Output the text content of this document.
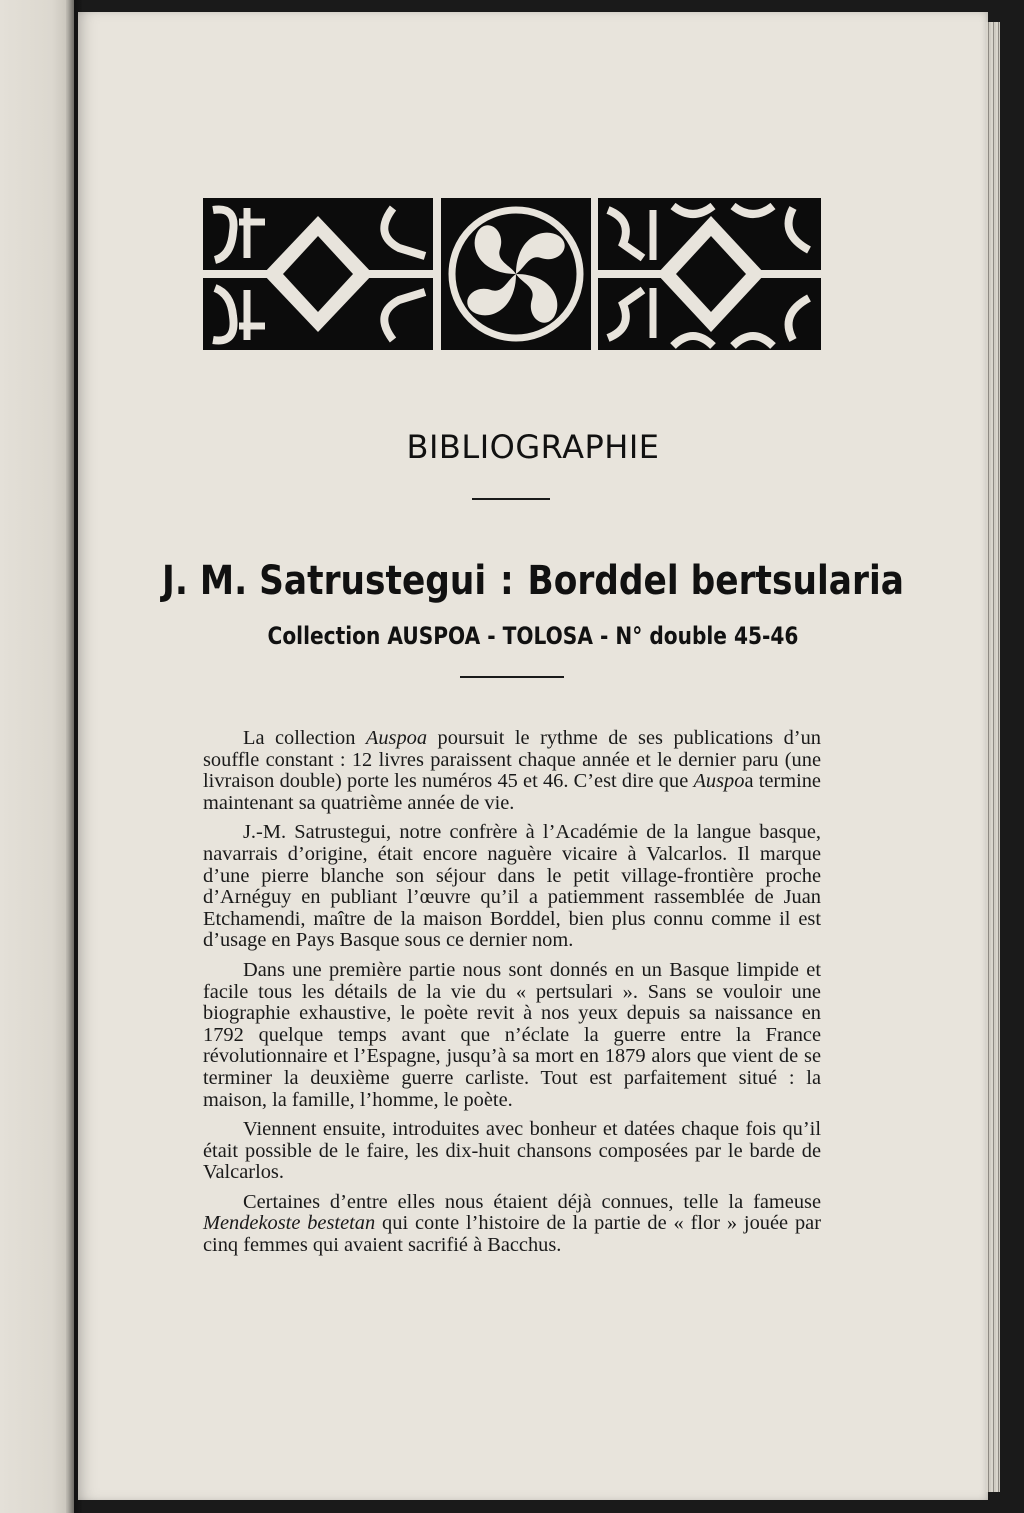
BIBLIOGRAPHIE
J. M. Satrustegui : Borddel bertsularia
Collection AUSPOA - TOLOSA - N° double 45-46

La collection Auspoa poursuit le rythme de ses publications d’un souffle constant : 12 livres paraissent chaque année et le dernier paru (une livraison double) porte les numéros 45 et 46. C’est dire que Auspoa termine maintenant sa quatrième année de vie.

J.-M. Satrustegui, notre confrère à l’Académie de la langue basque, navarrais d’origine, était encore naguère vicaire à Valcarlos. Il marque d’une pierre blanche son séjour dans le petit village-frontière proche d’Arnéguy en publiant l’œuvre qu’il a patiemment rassemblée de Juan Etchamendi, maître de la maison Borddel, bien plus connu comme il est d’usage en Pays Basque sous ce dernier nom.

Dans une première partie nous sont donnés en un Basque limpide et facile tous les détails de la vie du « pertsulari ». Sans se vouloir une biographie exhaustive, le poète revit à nos yeux depuis sa naissance en 1792 quelque temps avant que n’éclate la guerre entre la France révolutionnaire et l’Espagne, jusqu’à sa mort en 1879 alors que vient de se terminer la deuxième guerre carliste. Tout est parfaitement situé : la maison, la famille, l’homme, le poète.

Viennent ensuite, introduites avec bonheur et datées chaque fois qu’il était possible de le faire, les dix-huit chansons composées par le barde de Valcarlos.

Certaines d’entre elles nous étaient déjà connues, telle la fameuse Mendekoste bestetan qui conte l’histoire de la partie de « flor » jouée par cinq femmes qui avaient sacrifié à Bacchus.
